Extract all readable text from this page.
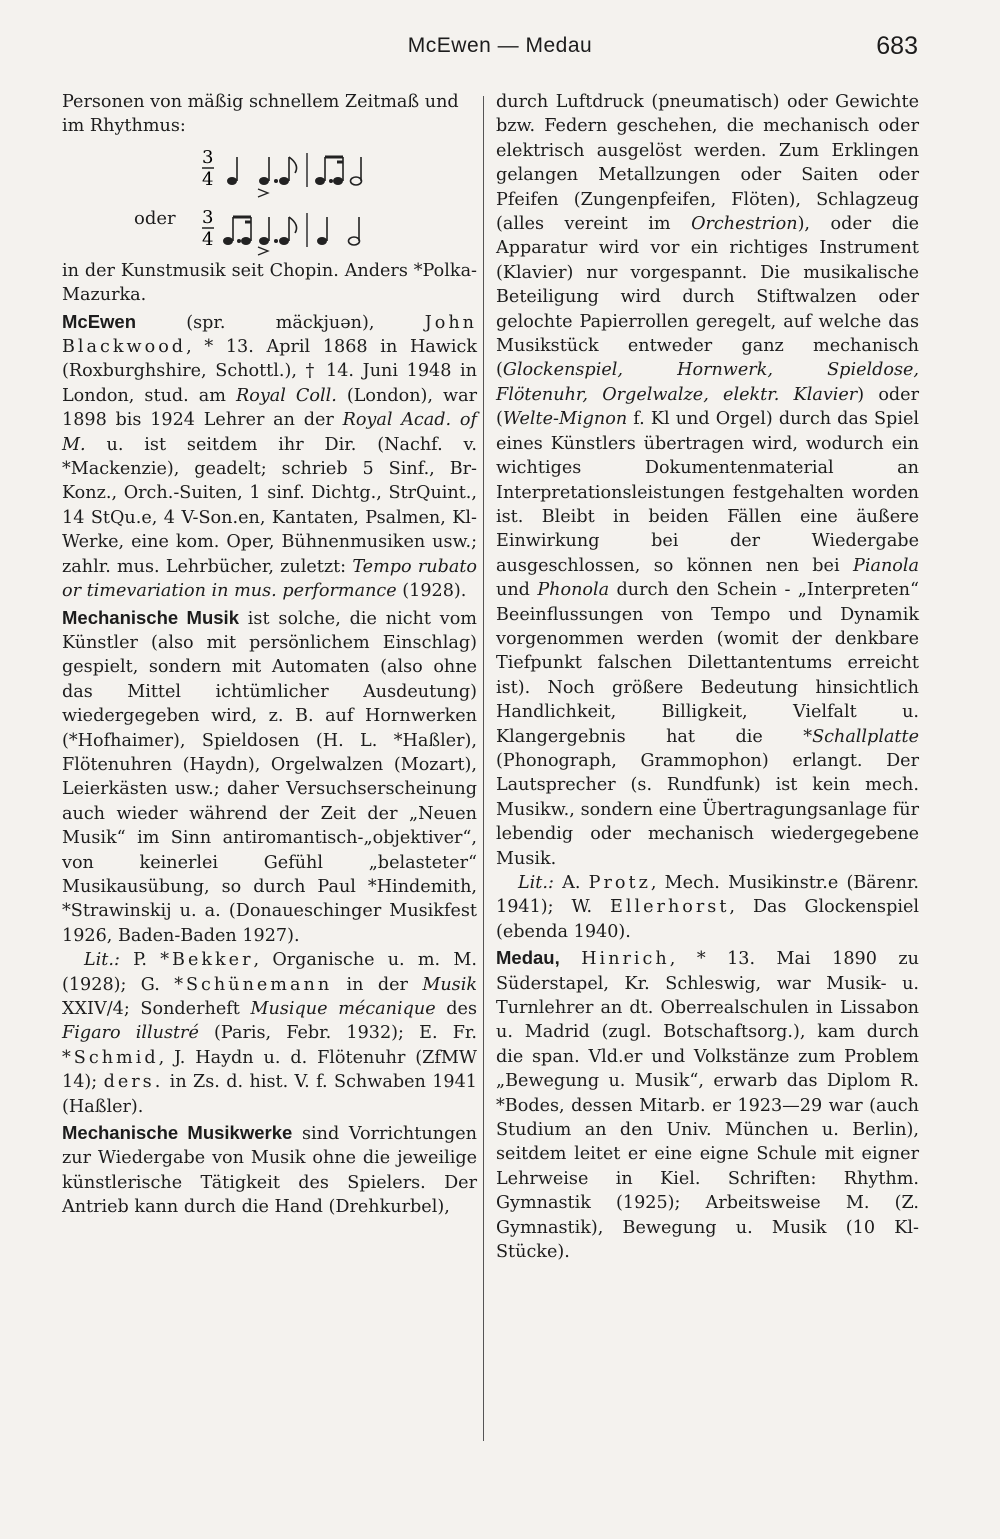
McEwen — Medau	683

Personen von mäßig schnellem Zeitmaß und im Rhythmus:

3
4
oder 3
4

in der Kunstmusik seit Chopin. Anders *Polka-Mazurka.

McEwen (spr. mäckjuən), John Blackwood, * 13. April 1868 in Hawick (Roxburghshire, Schottl.), † 14. Juni 1948 in London, stud. am Royal Coll. (London), war 1898 bis 1924 Lehrer an der Royal Acad. of M. u. ist seitdem ihr Dir. (Nachf. v. *Mackenzie), geadelt; schrieb 5 Sinf., Br-Konz., Orch.-Suiten, 1 sinf. Dichtg., StrQuint., 14 StQu.e, 4 V-Son.en, Kantaten, Psalmen, Kl-Werke, eine kom. Oper, Bühnenmusiken usw.; zahlr. mus. Lehrbücher, zuletzt: Tempo rubato or timevariation in mus. performance (1928).

Mechanische Musik ist solche, die nicht vom Künstler (also mit persönlichem Einschlag) gespielt, sondern mit Automaten (also ohne das Mittel ichtümlicher Ausdeutung) wiedergegeben wird, z. B. auf Hornwerken (*Hofhaimer), Spieldosen (H. L. *Haßler), Flötenuhren (Haydn), Orgelwalzen (Mozart), Leierkästen usw.; daher Versuchserscheinung auch wieder während der Zeit der „Neuen Musik“ im Sinn antiromantisch-„objektiver“, von keinerlei Gefühl „belasteter“ Musikausübung, so durch Paul *Hindemith, *Strawinskij u. a. (Donaueschinger Musikfest 1926, Baden-Baden 1927).

Lit.: P. *Bekker, Organische u. m. M. (1928); G. *Schünemann in der Musik XXIV/4; Sonderheft Musique mécanique des Figaro illustré (Paris, Febr. 1932); E. Fr. *Schmid, J. Haydn u. d. Flötenuhr (ZfMW 14); ders. in Zs. d. hist. V. f. Schwaben 1941 (Haßler).

Mechanische Musikwerke sind Vorrichtungen zur Wiedergabe von Musik ohne die jeweilige künstlerische Tätigkeit des Spielers. Der Antrieb kann durch die Hand (Drehkurbel),

durch Luftdruck (pneumatisch) oder Gewichte bzw. Federn geschehen, die mechanisch oder elektrisch ausgelöst werden. Zum Erklingen gelangen Metallzungen oder Saiten oder Pfeifen (Zungenpfeifen, Flöten), Schlagzeug (alles vereint im Orchestrion), oder die Apparatur wird vor ein richtiges Instrument (Klavier) nur vorgespannt. Die musikalische Beteiligung wird durch Stiftwalzen oder gelochte Papierrollen geregelt, auf welche das Musikstück entweder ganz mechanisch (Glockenspiel, Hornwerk, Spieldose, Flötenuhr, Orgelwalze, elektr. Klavier) oder (Welte-Mignon f. Kl und Orgel) durch das Spiel eines Künstlers übertragen wird, wodurch ein wichtiges Dokumentenmaterial an Interpretationsleistungen festgehalten worden ist. Bleibt in beiden Fällen eine äußere Einwirkung bei der Wiedergabe ausgeschlossen, so können nen bei Pianola und Phonola durch den Schein - „Interpreten“ Beeinflussungen von Tempo und Dynamik vorgenommen werden (womit der denkbare Tiefpunkt falschen Dilettantentums erreicht ist). Noch größere Bedeutung hinsichtlich Handlichkeit, Billigkeit, Vielfalt u. Klangergebnis hat die *Schallplatte (Phonograph, Grammophon) erlangt. Der Lautsprecher (s. Rundfunk) ist kein mech. Musikw., sondern eine Übertragungsanlage für lebendig oder mechanisch wiedergegebene Musik.

Lit.: A. Protz, Mech. Musikinstr.e (Bärenr. 1941); W. Ellerhorst, Das Glockenspiel (ebenda 1940).

Medau, Hinrich, * 13. Mai 1890 zu Süderstapel, Kr. Schleswig, war Musik- u. Turnlehrer an dt. Oberrealschulen in Lissabon u. Madrid (zugl. Botschaftsorg.), kam durch die span. Vld.er und Volkstänze zum Problem „Bewegung u. Musik“, erwarb das Diplom R. *Bodes, dessen Mitarb. er 1923—29 war (auch Studium an den Univ. München u. Berlin), seitdem leitet er eine eigne Schule mit eigner Lehrweise in Kiel. Schriften: Rhythm. Gymnastik (1925); Arbeitsweise M. (Z. Gymnastik), Bewegung u. Musik (10 Kl-Stücke).
